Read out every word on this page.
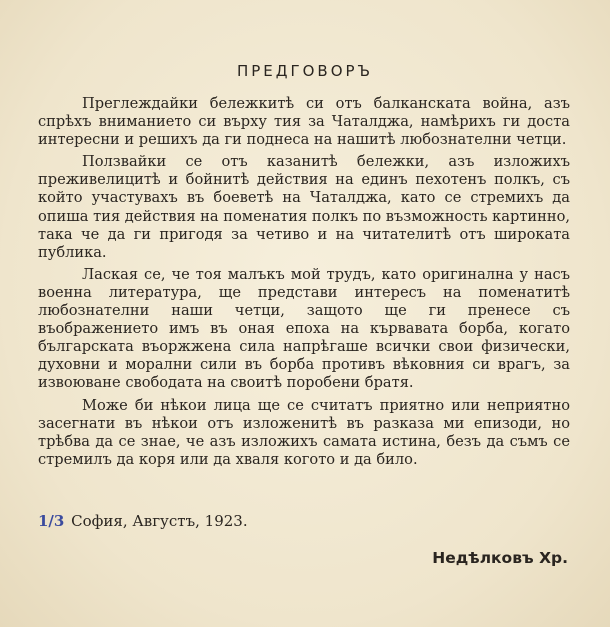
ПРЕДГОВОРЪ

Преглеждайки бележкитѣ си отъ балканската война, азъ спрѣхъ вниманието си върху тия за Чаталджа, намѣрихъ ги доста интересни и решихъ да ги поднеса на нашитѣ любознателни четци.

Ползвайки се отъ казанитѣ бележки, азъ изложихъ преживелицитѣ и бойнитѣ действия на единъ пехотенъ полкъ, съ който участувахъ въ боеветѣ на Чаталджа, като се стремихъ да опиша тия действия на поменатия полкъ по възможность картинно, така че да ги пригодя за четиво и на читателитѣ отъ широката публика.

Лаская се, че тоя малъкъ мой трудъ, като оригинална у насъ военна литература, ще представи интересъ на поменатитѣ любознателни наши четци, защото ще ги пренесе съ въображението имъ въ оная епоха на кървавата борба, когато българската въоржжена сила напрѣгаше всички свои физически, духовни и морални сили въ борба противъ вѣковния си врагъ, за извоюване свободата на своитѣ поробени братя.

Може би нѣкои лица ще се считатъ приятно или неприятно засегнати въ нѣкои отъ изложенитѣ въ разказа ми епизоди, но трѣбва да се знае, че азъ изложихъ самата истина, безъ да съмъ се стремилъ да коря или да хваля когото и да било.

1/3 София, Августъ, 1923.
Недѣлковъ Хр.
